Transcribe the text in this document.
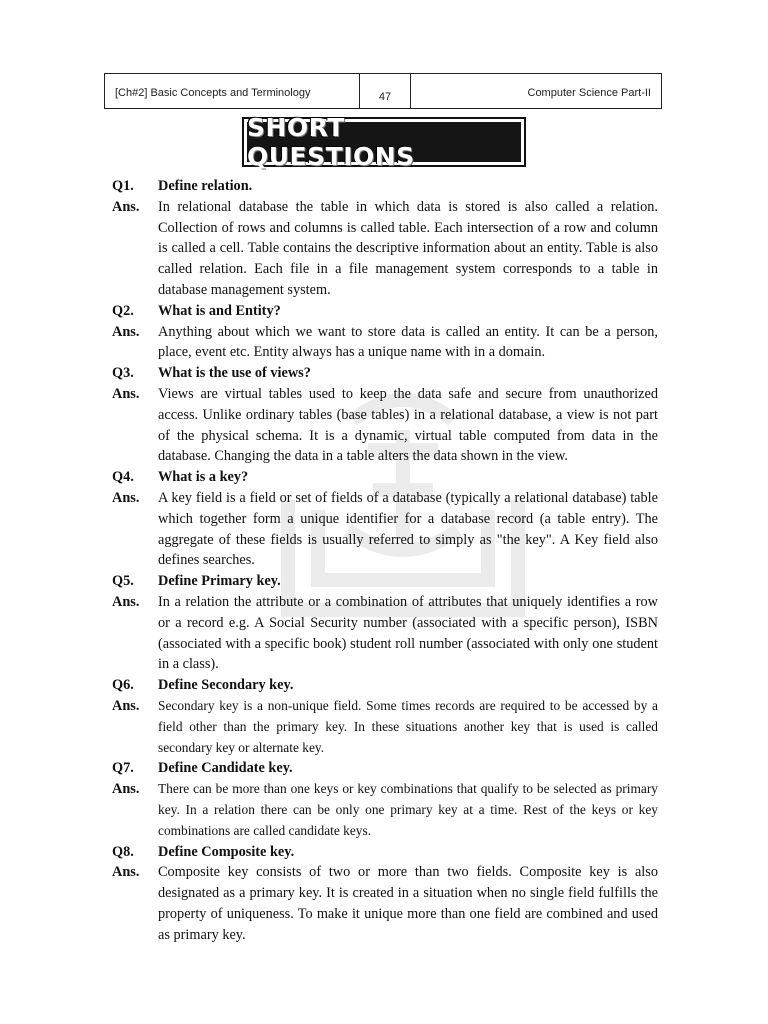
[Ch#2] Basic Concepts and Terminology	47	Computer Science Part-II
SHORT QUESTIONS
Q1.	Define relation.
Ans.	In relational database the table in which data is stored is also called a relation. Collection of rows and columns is called table. Each intersection of a row and column is called a cell. Table contains the descriptive information about an entity. Table is also called relation. Each file in a file management system corresponds to a table in database management system.
Q2.	What is and Entity?
Ans.	Anything about which we want to store data is called an entity. It can be a person, place, event etc. Entity always has a unique name with in a domain.
Q3.	What is the use of views?
Ans.	Views are virtual tables used to keep the data safe and secure from unauthorized access. Unlike ordinary tables (base tables) in a relational database, a view is not part of the physical schema. It is a dynamic, virtual table computed from data in the database. Changing the data in a table alters the data shown in the view.
Q4.	What is a key?
Ans.	A key field is a field or set of fields of a database (typically a relational database) table which together form a unique identifier for a database record (a table entry). The aggregate of these fields is usually referred to simply as "the key". A Key field also defines searches.
Q5.	Define Primary key.
Ans.	In a relation the attribute or a combination of attributes that uniquely identifies a row or a record e.g. A Social Security number (associated with a specific person), ISBN (associated with a specific book) student roll number (associated with only one student in a class).
Q6.	Define Secondary key.
Ans.	Secondary key is a non-unique field. Some times records are required to be accessed by a field other than the primary key. In these situations another key that is used is called secondary key or alternate key.
Q7.	Define Candidate key.
Ans.	There can be more than one keys or key combinations that qualify to be selected as primary key. In a relation there can be only one primary key at a time. Rest of the keys or key combinations are called candidate keys.
Q8.	Define Composite key.
Ans.	Composite key consists of two or more than two fields. Composite key is also designated as a primary key. It is created in a situation when no single field fulfills the property of uniqueness. To make it unique more than one field are combined and used as primary key.
